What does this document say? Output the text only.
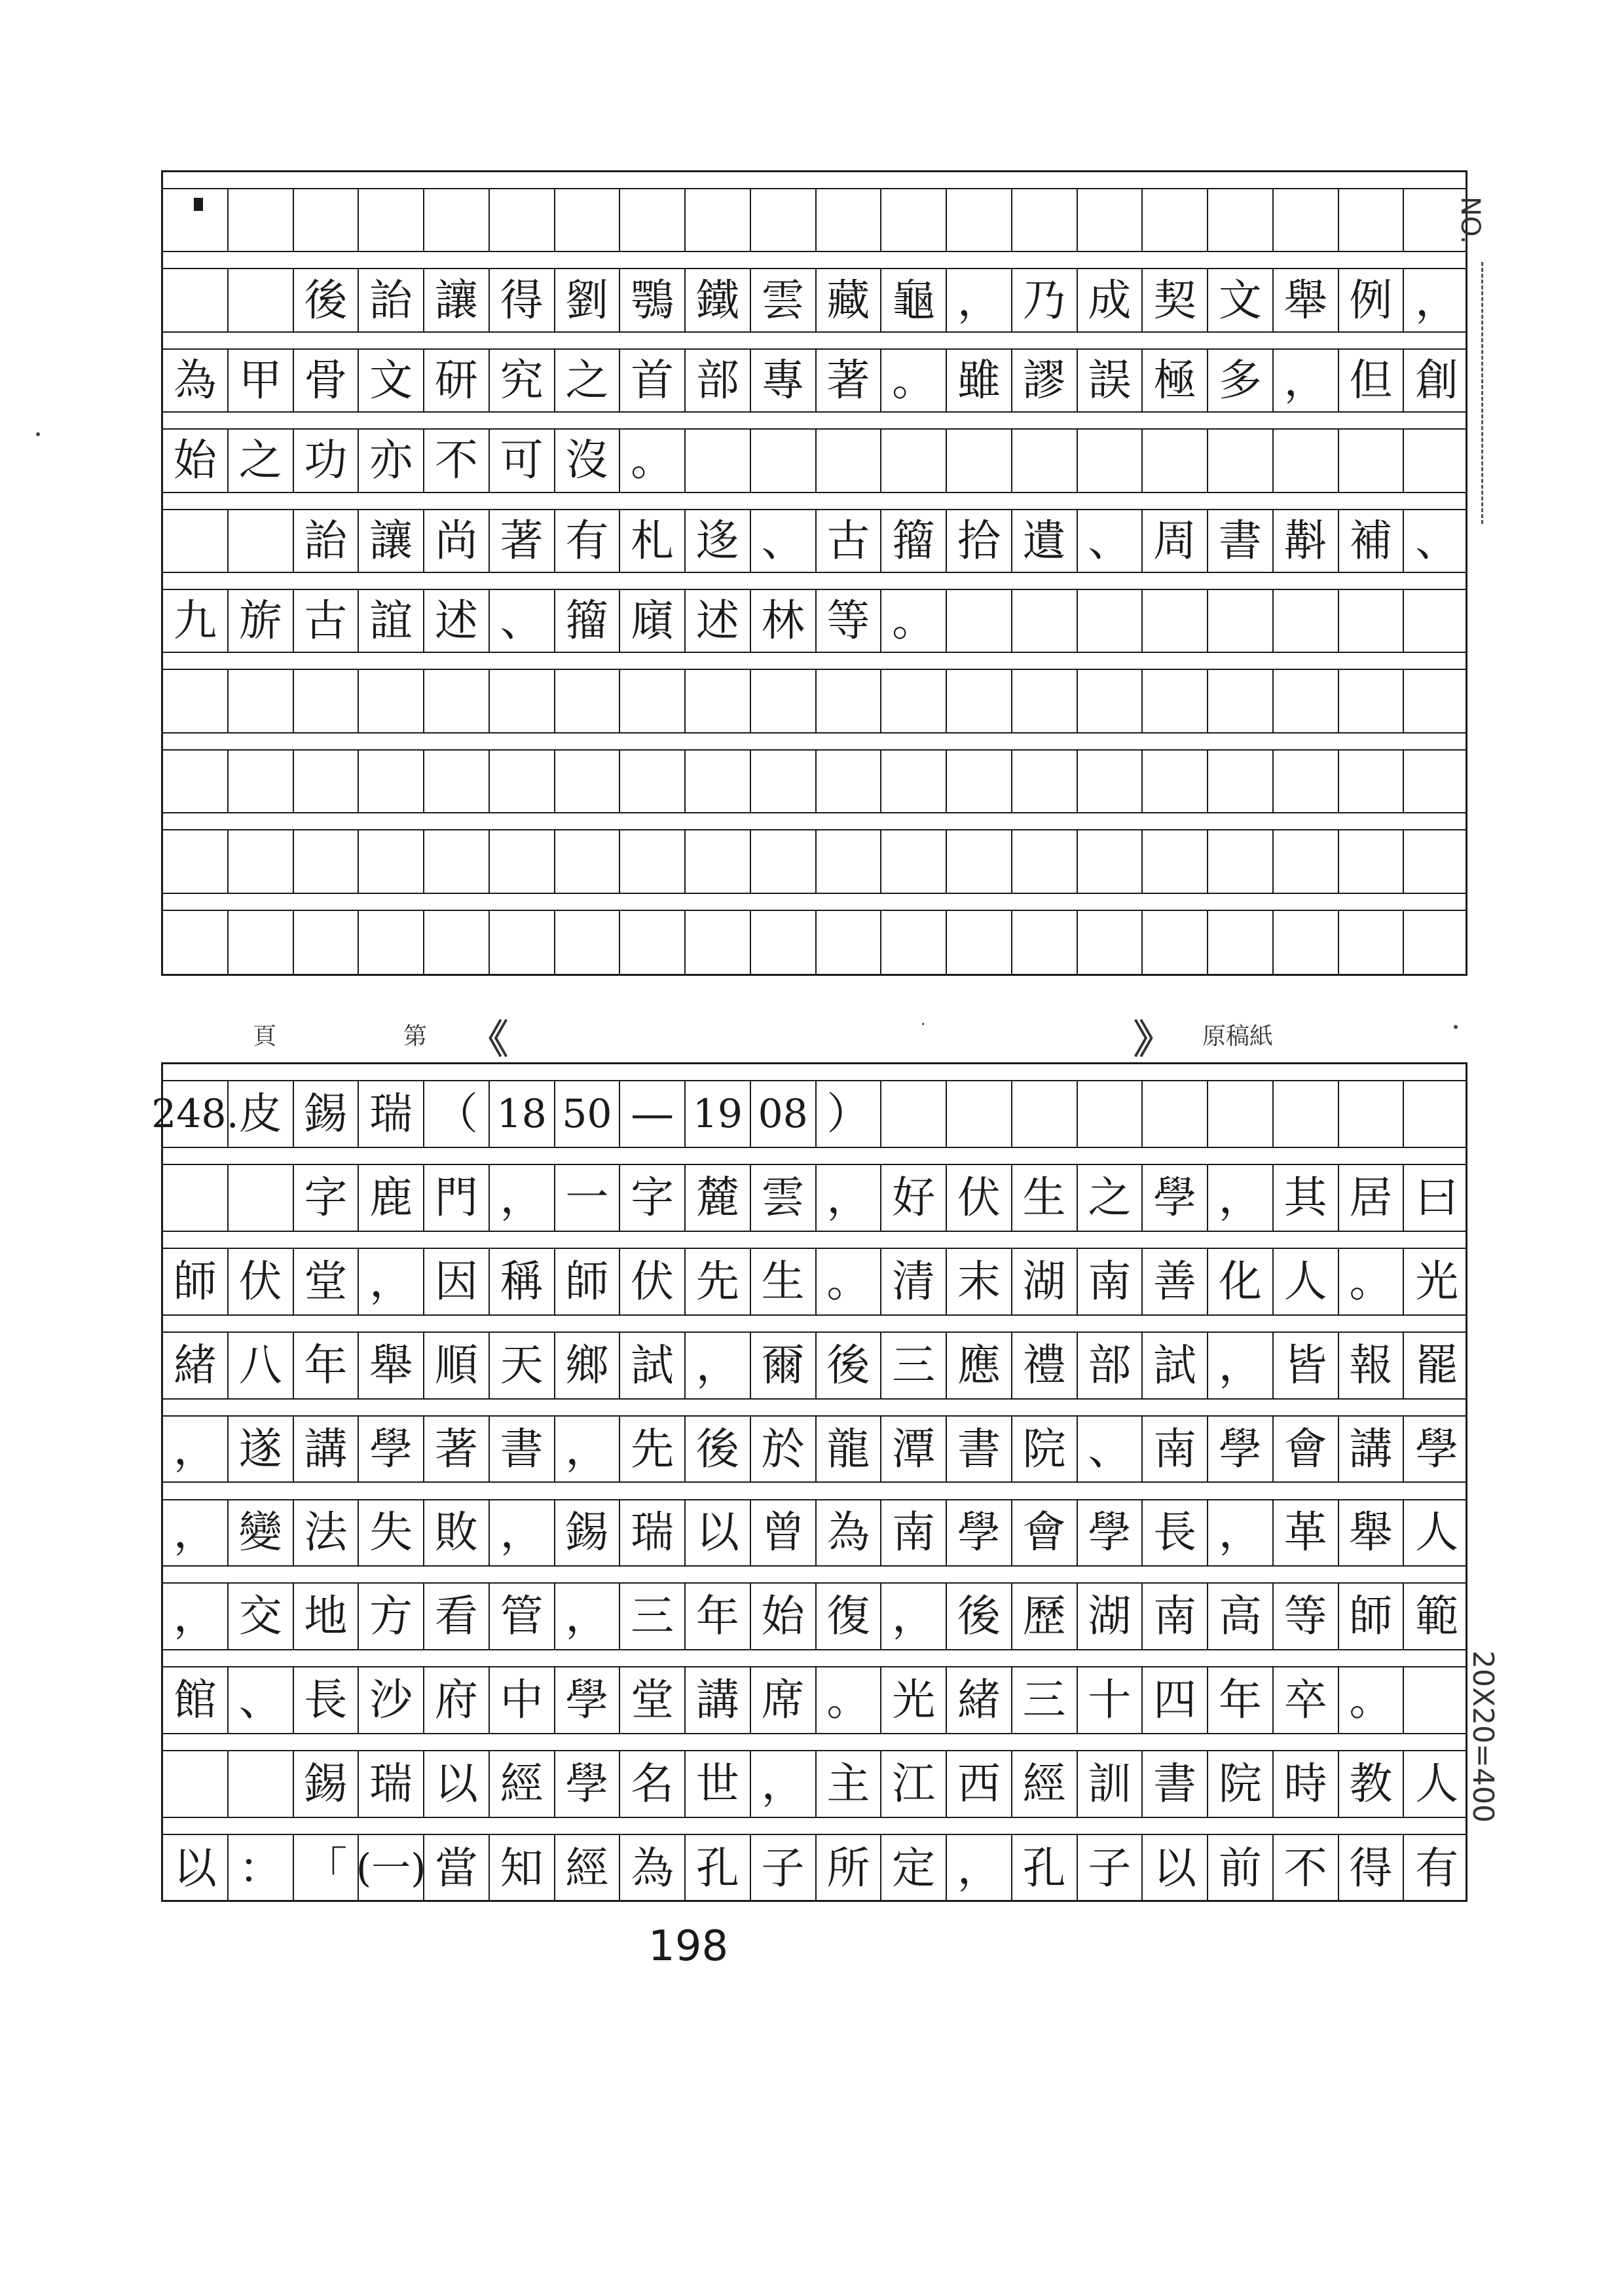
後 詒 讓 得 劉 鶚 鐵 雲 藏 龜 ， 乃 成 契 文 舉 例 ，
為 甲 骨 文 研 究 之 首 部 專 著 。 雖 謬 誤 極 多 ， 但 創
始 之 功 亦 不 可 沒 。
詒 讓 尚 著 有 札 迻 、 古 籀 拾 遺 、 周 書 斠 補 、
九 旂 古 誼 述 、 籀 廎 述 林 等 。
頁	第 《	·	》 原稿紙
248. 皮 錫 瑞 （ 18 50 — 19 08 ）
字 鹿 門 ， 一 字 麓 雲 ， 好 伏 生 之 學 ， 其 居 曰
師 伏 堂 ， 因 稱 師 伏 先 生 。 清 末 湖 南 善 化 人 。 光
緒 八 年 舉 順 天 鄉 試 ， 爾 後 三 應 禮 部 試 ， 皆 報 罷
， 遂 講 學 著 書 ， 先 後 於 龍 潭 書 院 、 南 學 會 講 學
， 變 法 失 敗 ， 錫 瑞 以 曾 為 南 學 會 學 長 ， 革 舉 人
， 交 地 方 看 管 ， 三 年 始 復 ， 後 歷 湖 南 高 等 師 範
館 、 長 沙 府 中 學 堂 講 席 。 光 緒 三 十 四 年 卒 。
錫 瑞 以 經 學 名 世 ， 主 江 西 經 訓 書 院 時 教 人
以 ： 「 (一) 當 知 經 為 孔 子 所 定 ， 孔 子 以 前 不 得 有
NO.
20X20=400
198
